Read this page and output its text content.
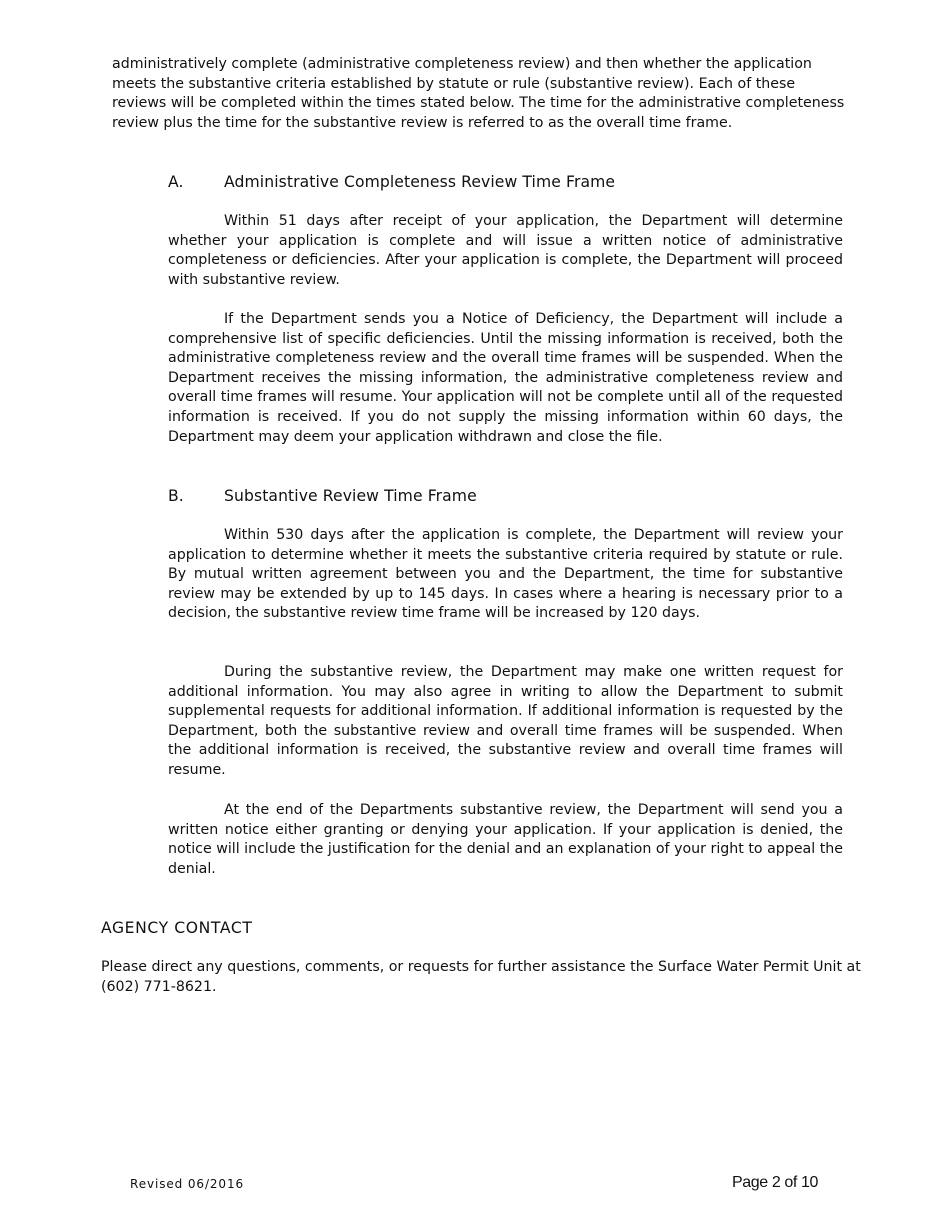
administratively complete (administrative completeness review) and then whether the application meets the substantive criteria established by statute or rule (substantive review). Each of these reviews will be completed within the times stated below. The time for the administrative completeness review plus the time for the substantive review is referred to as the overall time frame.

A.	Administrative Completeness Review Time Frame

Within 51 days after receipt of your application, the Department will determine whether your application is complete and will issue a written notice of administrative completeness or deficiencies. After your application is complete, the Department will proceed with substantive review.

If the Department sends you a Notice of Deficiency, the Department will include a comprehensive list of specific deficiencies. Until the missing information is received, both the administrative completeness review and the overall time frames will be suspended. When the Department receives the missing information, the administrative completeness review and overall time frames will resume. Your application will not be complete until all of the requested information is received. If you do not supply the missing information within 60 days, the Department may deem your application withdrawn and close the file.

B.	Substantive Review Time Frame

Within 530 days after the application is complete, the Department will review your application to determine whether it meets the substantive criteria required by statute or rule. By mutual written agreement between you and the Department, the time for substantive review may be extended by up to 145 days. In cases where a hearing is necessary prior to a decision, the substantive review time frame will be increased by 120 days.

During the substantive review, the Department may make one written request for additional information. You may also agree in writing to allow the Department to submit supplemental requests for additional information. If additional information is requested by the Department, both the substantive review and overall time frames will be suspended. When the additional information is received, the substantive review and overall time frames will resume.

At the end of the Departments substantive review, the Department will send you a written notice either granting or denying your application. If your application is denied, the notice will include the justification for the denial and an explanation of your right to appeal the denial.

AGENCY CONTACT

Please direct any questions, comments, or requests for further assistance the Surface Water Permit Unit at (602) 771-8621.

Revised 06/2016	Page 2 of 10
